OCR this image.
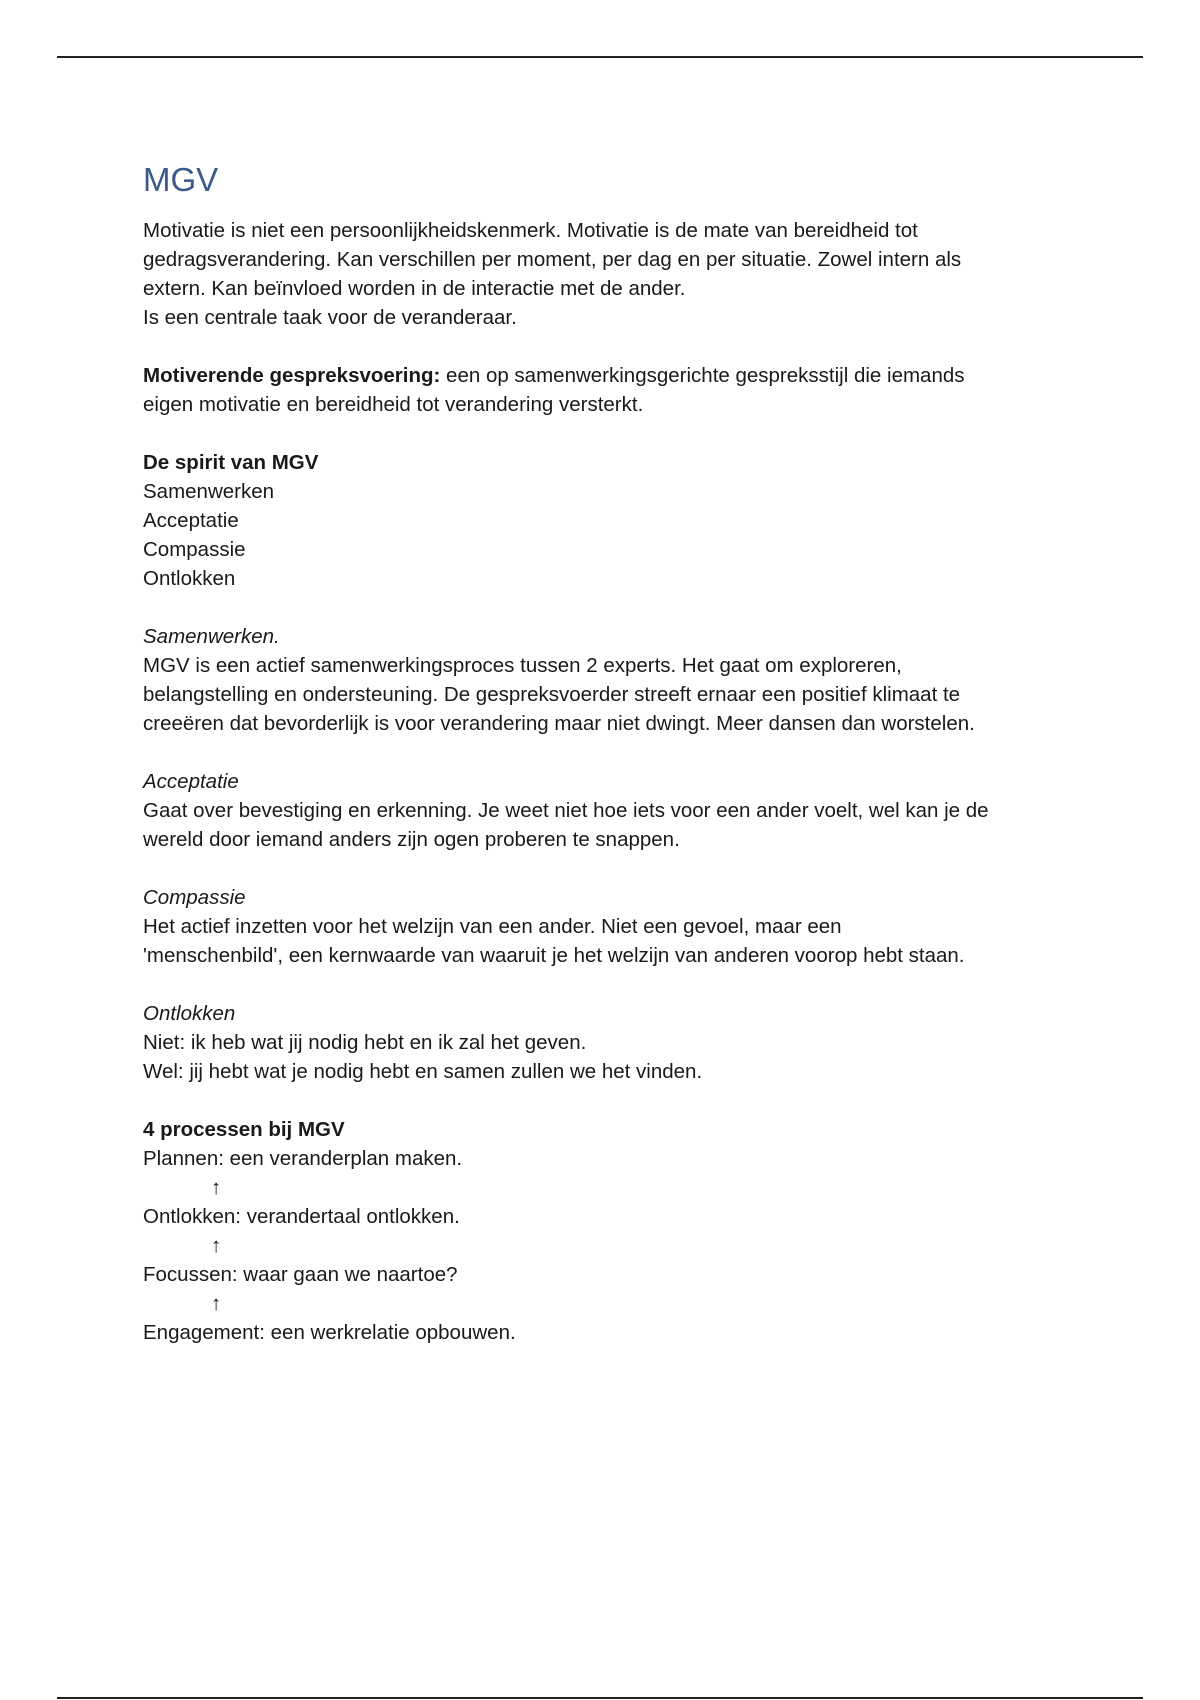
MGV
Motivatie is niet een persoonlijkheidskenmerk. Motivatie is de mate van bereidheid tot
gedragsverandering. Kan verschillen per moment, per dag en per situatie. Zowel intern als
extern. Kan beïnvloed worden in de interactie met de ander.
Is een centrale taak voor de veranderaar.
Motiverende gespreksvoering: een op samenwerkingsgerichte gespreksstijl die iemands
eigen motivatie en bereidheid tot verandering versterkt.
De spirit van MGV
Samenwerken
Acceptatie
Compassie
Ontlokken
Samenwerken.
MGV is een actief samenwerkingsproces tussen 2 experts. Het gaat om exploreren,
belangstelling en ondersteuning. De gespreksvoerder streeft ernaar een positief klimaat te
creeëren dat bevorderlijk is voor verandering maar niet dwingt. Meer dansen dan worstelen.
Acceptatie
Gaat over bevestiging en erkenning. Je weet niet hoe iets voor een ander voelt, wel kan je de
wereld door iemand anders zijn ogen proberen te snappen.
Compassie
Het actief inzetten voor het welzijn van een ander. Niet een gevoel, maar een
'menschenbild', een kernwaarde van waaruit je het welzijn van anderen voorop hebt staan.
Ontlokken
Niet: ik heb wat jij nodig hebt en ik zal het geven.
Wel: jij hebt wat je nodig hebt en samen zullen we het vinden.
4 processen bij MGV
Plannen: een veranderplan maken.
↑
Ontlokken: verandertaal ontlokken.
↑
Focussen: waar gaan we naartoe?
↑
Engagement: een werkrelatie opbouwen.
